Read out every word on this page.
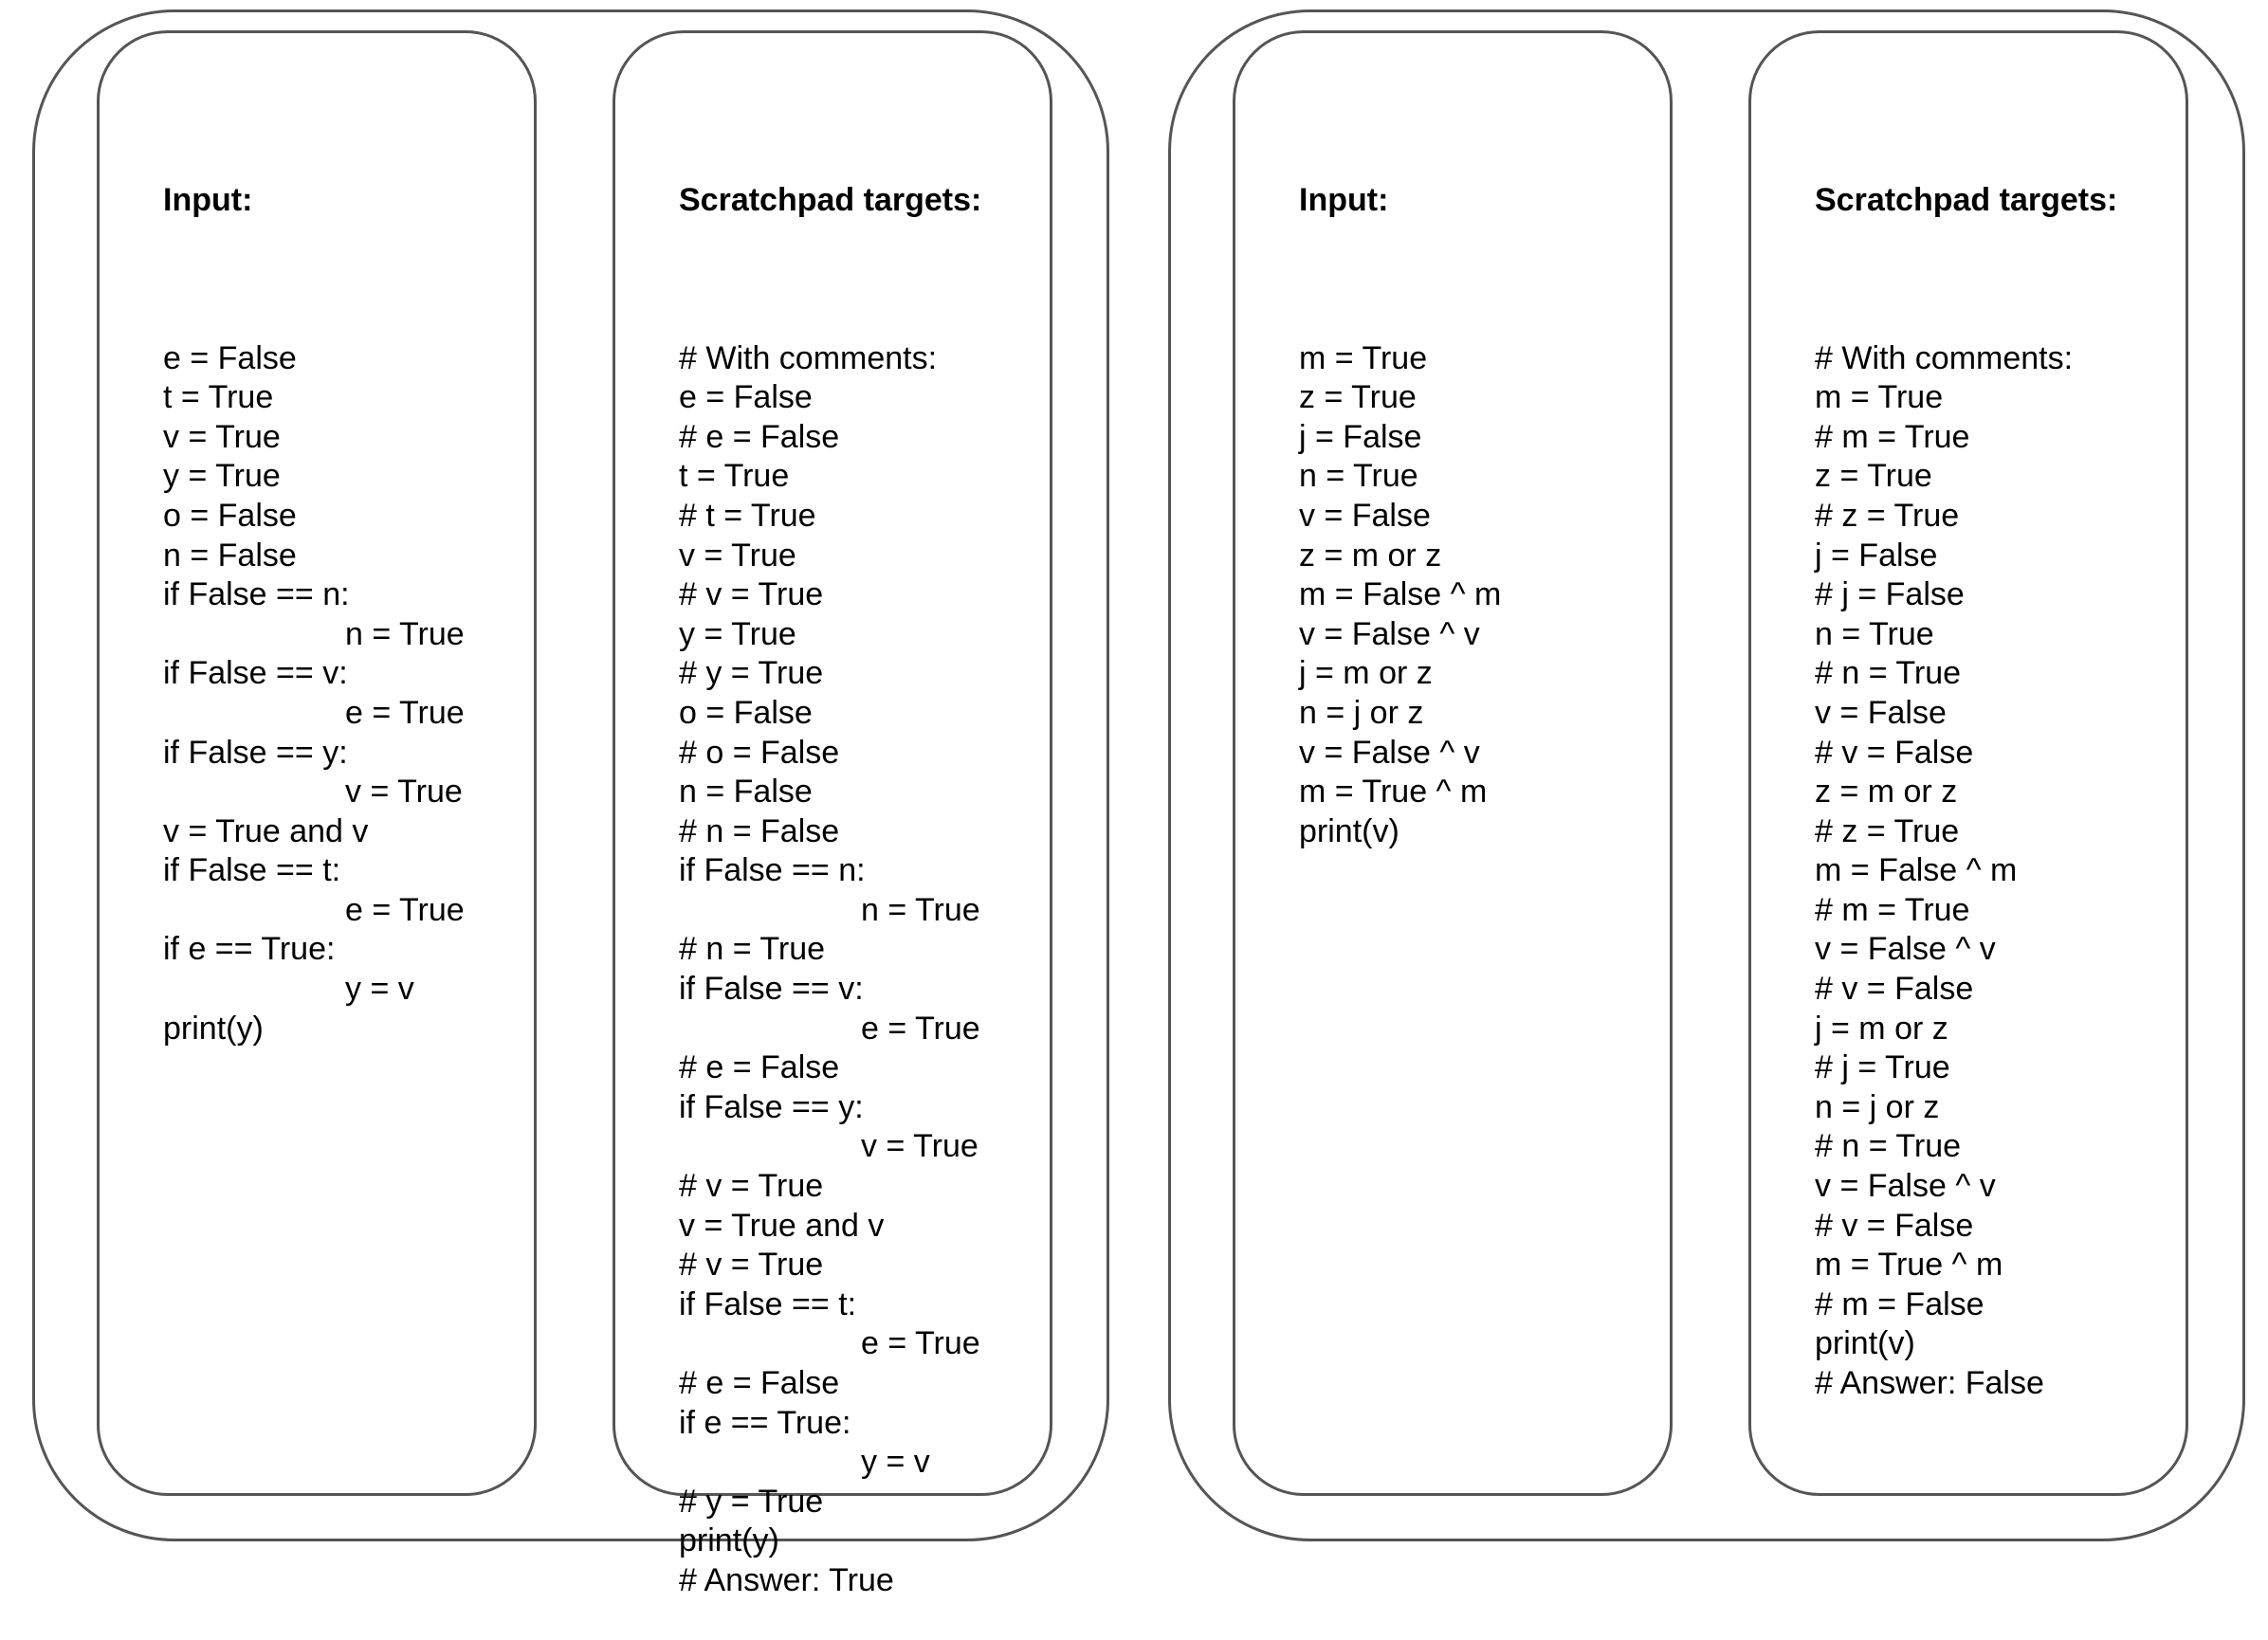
Input:

e = False
t = True
v = True
y = True
o = False
n = False
if False == n:
n = True
if False == v:
e = True
if False == y:
v = True
v = True and v
if False == t:
e = True
if e == True:
y = v
print(y)

Scratchpad targets:

# With comments:
e = False
# e = False
t = True
# t = True
v = True
# v = True
y = True
# y = True
o = False
# o = False
n = False
# n = False
if False == n:
n = True
# n = True
if False == v:
e = True
# e = False
if False == y:
v = True
# v = True
v = True and v
# v = True
if False == t:
e = True
# e = False
if e == True:
y = v
# y = True
print(y)
# Answer: True

Input:

m = True
z = True
j = False
n = True
v = False
z = m or z
m = False ^ m
v = False ^ v
j = m or z
n = j or z
v = False ^ v
m = True ^ m
print(v)

Scratchpad targets:

# With comments:
m = True
# m = True
z = True
# z = True
j = False
# j = False
n = True
# n = True
v = False
# v = False
z = m or z
# z = True
m = False ^ m
# m = True
v = False ^ v
# v = False
j = m or z
# j = True
n = j or z
# n = True
v = False ^ v
# v = False
m = True ^ m
# m = False
print(v)
# Answer: False
